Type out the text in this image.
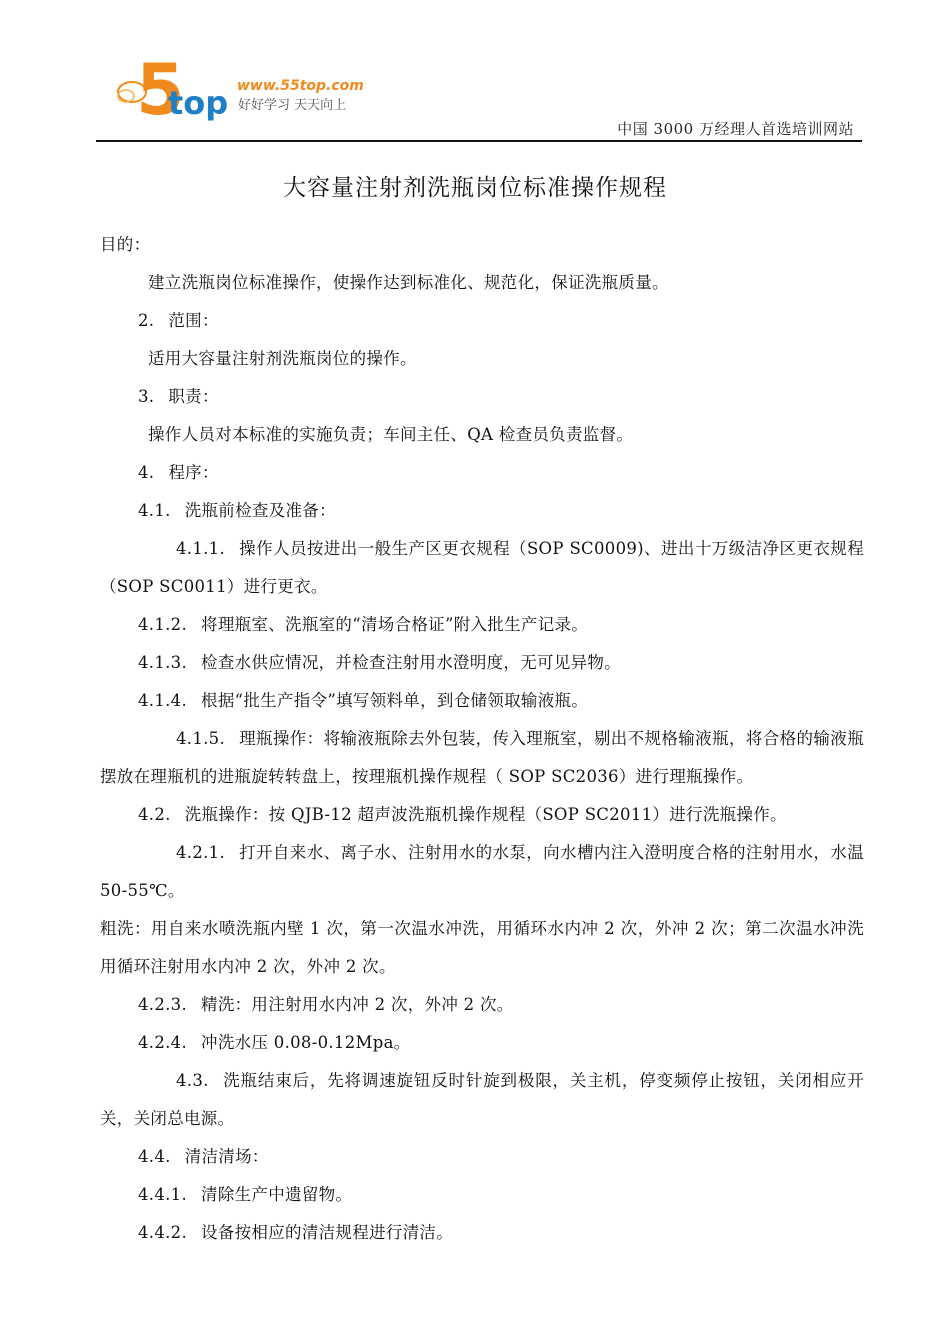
5
top www.55top.com
好好学习 天天向上
中国 3000 万经理人首选培训网站
大容量注射剂洗瓶岗位标准操作规程

目的：

建立洗瓶岗位标准操作，使操作达到标准化、规范化，保证洗瓶质量。

2. 范围：

适用大容量注射剂洗瓶岗位的操作。

3. 职责：

操作人员对本标准的实施负责；车间主任、QA 检查员负责监督。

4. 程序：

4.1. 洗瓶前检查及准备：

4.1.1. 操作人员按进出一般生产区更衣规程（SOP SC0009)、进出十万级洁净区更衣规程（SOP SC0011）进行更衣。

4.1.2. 将理瓶室、洗瓶室的“清场合格证”附入批生产记录。

4.1.3. 检查水供应情况，并检查注射用水澄明度，无可见异物。

4.1.4. 根据“批生产指令”填写领料单，到仓储领取输液瓶。

4.1.5. 理瓶操作：将输液瓶除去外包装，传入理瓶室，剔出不规格输液瓶，将合格的输液瓶摆放在理瓶机的进瓶旋转转盘上，按理瓶机操作规程（ SOP SC2036）进行理瓶操作。

4.2. 洗瓶操作：按 QJB-12 超声波洗瓶机操作规程（SOP SC2011）进行洗瓶操作。

4.2.1. 打开自来水、离子水、注射用水的水泵，向水槽内注入澄明度合格的注射用水，水温 50-55℃。

粗洗：用自来水喷洗瓶内壁 1 次，第一次温水冲洗，用循环水内冲 2 次，外冲 2 次；第二次温水冲洗用循环注射用水内冲 2 次，外冲 2 次。

4.2.3. 精洗：用注射用水内冲 2 次，外冲 2 次。

4.2.4. 冲洗水压 0.08-0.12Mpa。

4.3. 洗瓶结束后，先将调速旋钮反时针旋到极限，关主机，停变频停止按钮，关闭相应开关，关闭总电源。

4.4. 清洁清场：

4.4.1. 清除生产中遗留物。

4.4.2. 设备按相应的清洁规程进行清洁。
